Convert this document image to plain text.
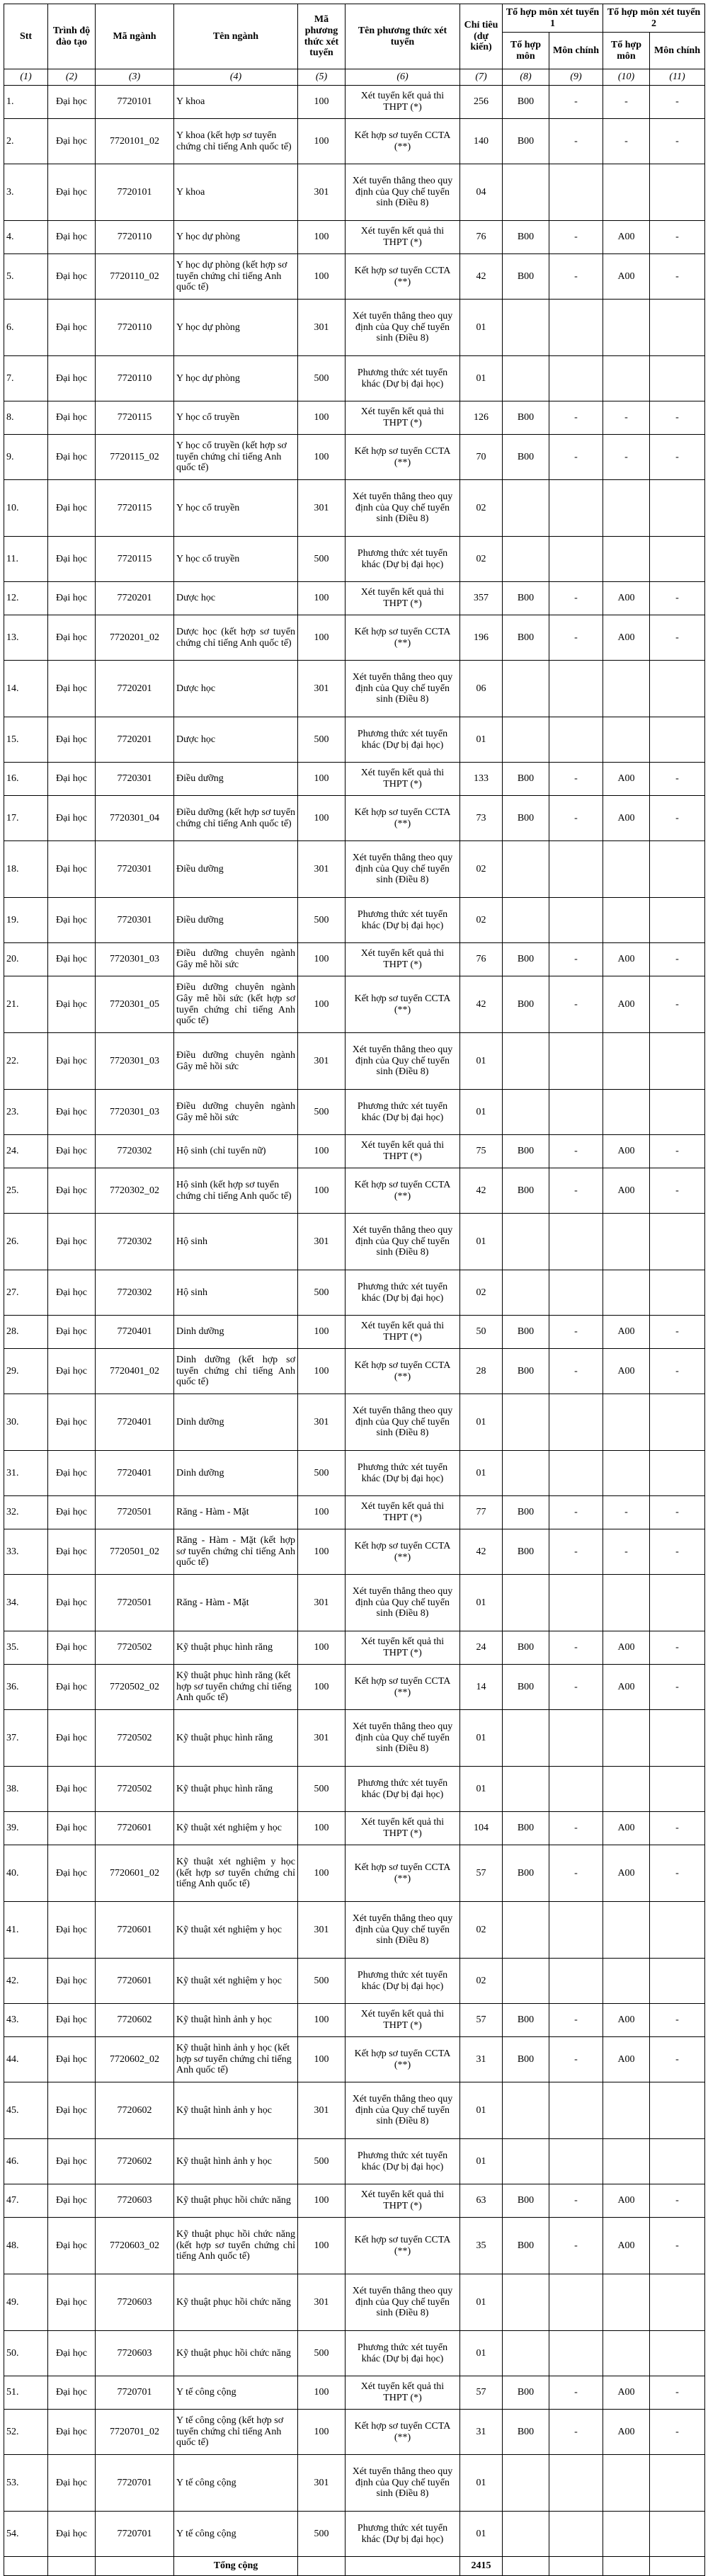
Stt	Trình độ đào tạo	Mã ngành	Tên ngành	Mã phương thức xét tuyển	Tên phương thức xét tuyển	Chỉ tiêu (dự kiến)	Tổ hợp môn xét tuyển 1		Tổ hợp môn xét tuyển 2	
							Tổ hợp môn	Môn chính	Tổ hợp môn	Môn chính
(1)	(2)	(3)	(4)	(5)	(6)	(7)	(8)	(9)	(10)	(11)
1.	Đại học	7720101	Y khoa	100	Xét tuyển kết quả thi THPT (*)	256	B00	-	-	-
2.	Đại học	7720101_02	Y khoa (kết hợp sơ tuyển chứng chỉ tiếng Anh quốc tế)	100	Kết hợp sơ tuyển CCTA (**)	140	B00	-	-	-
3.	Đại học	7720101	Y khoa	301	Xét tuyển thẳng theo quy định của Quy chế tuyển sinh (Điều 8)	04				
4.	Đại học	7720110	Y học dự phòng	100	Xét tuyển kết quả thi THPT (*)	76	B00	-	A00	-
5.	Đại học	7720110_02	Y học dự phòng (kết hợp sơ tuyển chứng chỉ tiếng Anh quốc tế)	100	Kết hợp sơ tuyển CCTA (**)	42	B00	-	A00	-
6.	Đại học	7720110	Y học dự phòng	301	Xét tuyển thẳng theo quy định của Quy chế tuyển sinh (Điều 8)	01				
7.	Đại học	7720110	Y học dự phòng	500	Phương thức xét tuyển khác (Dự bị đại học)	01				
8.	Đại học	7720115	Y học cổ truyền	100	Xét tuyển kết quả thi THPT (*)	126	B00	-	-	-
9.	Đại học	7720115_02	Y học cổ truyền (kết hợp sơ tuyển chứng chỉ tiếng Anh quốc tế)	100	Kết hợp sơ tuyển CCTA (**)	70	B00	-	-	-
10.	Đại học	7720115	Y học cổ truyền	301	Xét tuyển thẳng theo quy định của Quy chế tuyển sinh (Điều 8)	02				
11.	Đại học	7720115	Y học cổ truyền	500	Phương thức xét tuyển khác (Dự bị đại học)	02				
12.	Đại học	7720201	Dược học	100	Xét tuyển kết quả thi THPT (*)	357	B00	-	A00	-
13.	Đại học	7720201_02	Dược học (kết hợp sơ tuyển chứng chỉ tiếng Anh quốc tế)	100	Kết hợp sơ tuyển CCTA (**)	196	B00	-	A00	-
14.	Đại học	7720201	Dược học	301	Xét tuyển thẳng theo quy định của Quy chế tuyển sinh (Điều 8)	06				
15.	Đại học	7720201	Dược học	500	Phương thức xét tuyển khác (Dự bị đại học)	01				
16.	Đại học	7720301	Điều dưỡng	100	Xét tuyển kết quả thi THPT (*)	133	B00	-	A00	-
17.	Đại học	7720301_04	Điều dưỡng (kết hợp sơ tuyển chứng chỉ tiếng Anh quốc tế)	100	Kết hợp sơ tuyển CCTA (**)	73	B00	-	A00	-
18.	Đại học	7720301	Điều dưỡng	301	Xét tuyển thẳng theo quy định của Quy chế tuyển sinh (Điều 8)	02				
19.	Đại học	7720301	Điều dưỡng	500	Phương thức xét tuyển khác (Dự bị đại học)	02				
20.	Đại học	7720301_03	Điều dưỡng chuyên ngành Gây mê hồi sức	100	Xét tuyển kết quả thi THPT (*)	76	B00	-	A00	-
21.	Đại học	7720301_05	Điều dưỡng chuyên ngành Gây mê hồi sức (kết hợp sơ tuyển chứng chỉ tiếng Anh quốc tế)	100	Kết hợp sơ tuyển CCTA (**)	42	B00	-	A00	-
22.	Đại học	7720301_03	Điều dưỡng chuyên ngành Gây mê hồi sức	301	Xét tuyển thẳng theo quy định của Quy chế tuyển sinh (Điều 8)	01				
23.	Đại học	7720301_03	Điều dưỡng chuyên ngành Gây mê hồi sức	500	Phương thức xét tuyển khác (Dự bị đại học)	01				
24.	Đại học	7720302	Hộ sinh (chỉ tuyển nữ)	100	Xét tuyển kết quả thi THPT (*)	75	B00	-	A00	-
25.	Đại học	7720302_02	Hộ sinh (kết hợp sơ tuyển chứng chỉ tiếng Anh quốc tế)	100	Kết hợp sơ tuyển CCTA (**)	42	B00	-	A00	-
26.	Đại học	7720302	Hộ sinh	301	Xét tuyển thẳng theo quy định của Quy chế tuyển sinh (Điều 8)	01				
27.	Đại học	7720302	Hộ sinh	500	Phương thức xét tuyển khác (Dự bị đại học)	02				
28.	Đại học	7720401	Dinh dưỡng	100	Xét tuyển kết quả thi THPT (*)	50	B00	-	A00	-
29.	Đại học	7720401_02	Dinh dưỡng (kết hợp sơ tuyển chứng chỉ tiếng Anh quốc tế)	100	Kết hợp sơ tuyển CCTA (**)	28	B00	-	A00	-
30.	Đại học	7720401	Dinh dưỡng	301	Xét tuyển thẳng theo quy định của Quy chế tuyển sinh (Điều 8)	01				
31.	Đại học	7720401	Dinh dưỡng	500	Phương thức xét tuyển khác (Dự bị đại học)	01				
32.	Đại học	7720501	Răng - Hàm - Mặt	100	Xét tuyển kết quả thi THPT (*)	77	B00	-	-	-
33.	Đại học	7720501_02	Răng - Hàm - Mặt (kết hợp sơ tuyển chứng chỉ tiếng Anh quốc tế)	100	Kết hợp sơ tuyển CCTA (**)	42	B00	-	-	-
34.	Đại học	7720501	Răng - Hàm - Mặt	301	Xét tuyển thẳng theo quy định của Quy chế tuyển sinh (Điều 8)	01				
35.	Đại học	7720502	Kỹ thuật phục hình răng	100	Xét tuyển kết quả thi THPT (*)	24	B00	-	A00	-
36.	Đại học	7720502_02	Kỹ thuật phục hình răng (kết hợp sơ tuyển chứng chỉ tiếng Anh quốc tế)	100	Kết hợp sơ tuyển CCTA (**)	14	B00	-	A00	-
37.	Đại học	7720502	Kỹ thuật phục hình răng	301	Xét tuyển thẳng theo quy định của Quy chế tuyển sinh (Điều 8)	01				
38.	Đại học	7720502	Kỹ thuật phục hình răng	500	Phương thức xét tuyển khác (Dự bị đại học)	01				
39.	Đại học	7720601	Kỹ thuật xét nghiệm y học	100	Xét tuyển kết quả thi THPT (*)	104	B00	-	A00	-
40.	Đại học	7720601_02	Kỹ thuật xét nghiệm y học (kết hợp sơ tuyển chứng chỉ tiếng Anh quốc tế)	100	Kết hợp sơ tuyển CCTA (**)	57	B00	-	A00	-
41.	Đại học	7720601	Kỹ thuật xét nghiệm y học	301	Xét tuyển thẳng theo quy định của Quy chế tuyển sinh (Điều 8)	02				
42.	Đại học	7720601	Kỹ thuật xét nghiệm y học	500	Phương thức xét tuyển khác (Dự bị đại học)	02				
43.	Đại học	7720602	Kỹ thuật hình ảnh y học	100	Xét tuyển kết quả thi THPT (*)	57	B00	-	A00	-
44.	Đại học	7720602_02	Kỹ thuật hình ảnh y học (kết hợp sơ tuyển chứng chỉ tiếng Anh quốc tế)	100	Kết hợp sơ tuyển CCTA (**)	31	B00	-	A00	-
45.	Đại học	7720602	Kỹ thuật hình ảnh y học	301	Xét tuyển thẳng theo quy định của Quy chế tuyển sinh (Điều 8)	01				
46.	Đại học	7720602	Kỹ thuật hình ảnh y học	500	Phương thức xét tuyển khác (Dự bị đại học)	01				
47.	Đại học	7720603	Kỹ thuật phục hồi chức năng	100	Xét tuyển kết quả thi THPT (*)	63	B00	-	A00	-
48.	Đại học	7720603_02	Kỹ thuật phục hồi chức năng (kết hợp sơ tuyển chứng chỉ tiếng Anh quốc tế)	100	Kết hợp sơ tuyển CCTA (**)	35	B00	-	A00	-
49.	Đại học	7720603	Kỹ thuật phục hồi chức năng	301	Xét tuyển thẳng theo quy định của Quy chế tuyển sinh (Điều 8)	01				
50.	Đại học	7720603	Kỹ thuật phục hồi chức năng	500	Phương thức xét tuyển khác (Dự bị đại học)	01				
51.	Đại học	7720701	Y tế công cộng	100	Xét tuyển kết quả thi THPT (*)	57	B00	-	A00	-
52.	Đại học	7720701_02	Y tế công cộng (kết hợp sơ tuyển chứng chỉ tiếng Anh quốc tế)	100	Kết hợp sơ tuyển CCTA (**)	31	B00	-	A00	-
53.	Đại học	7720701	Y tế công cộng	301	Xét tuyển thẳng theo quy định của Quy chế tuyển sinh (Điều 8)	01				
54.	Đại học	7720701	Y tế công cộng	500	Phương thức xét tuyển khác (Dự bị đại học)	01				
			Tổng cộng			2415				
